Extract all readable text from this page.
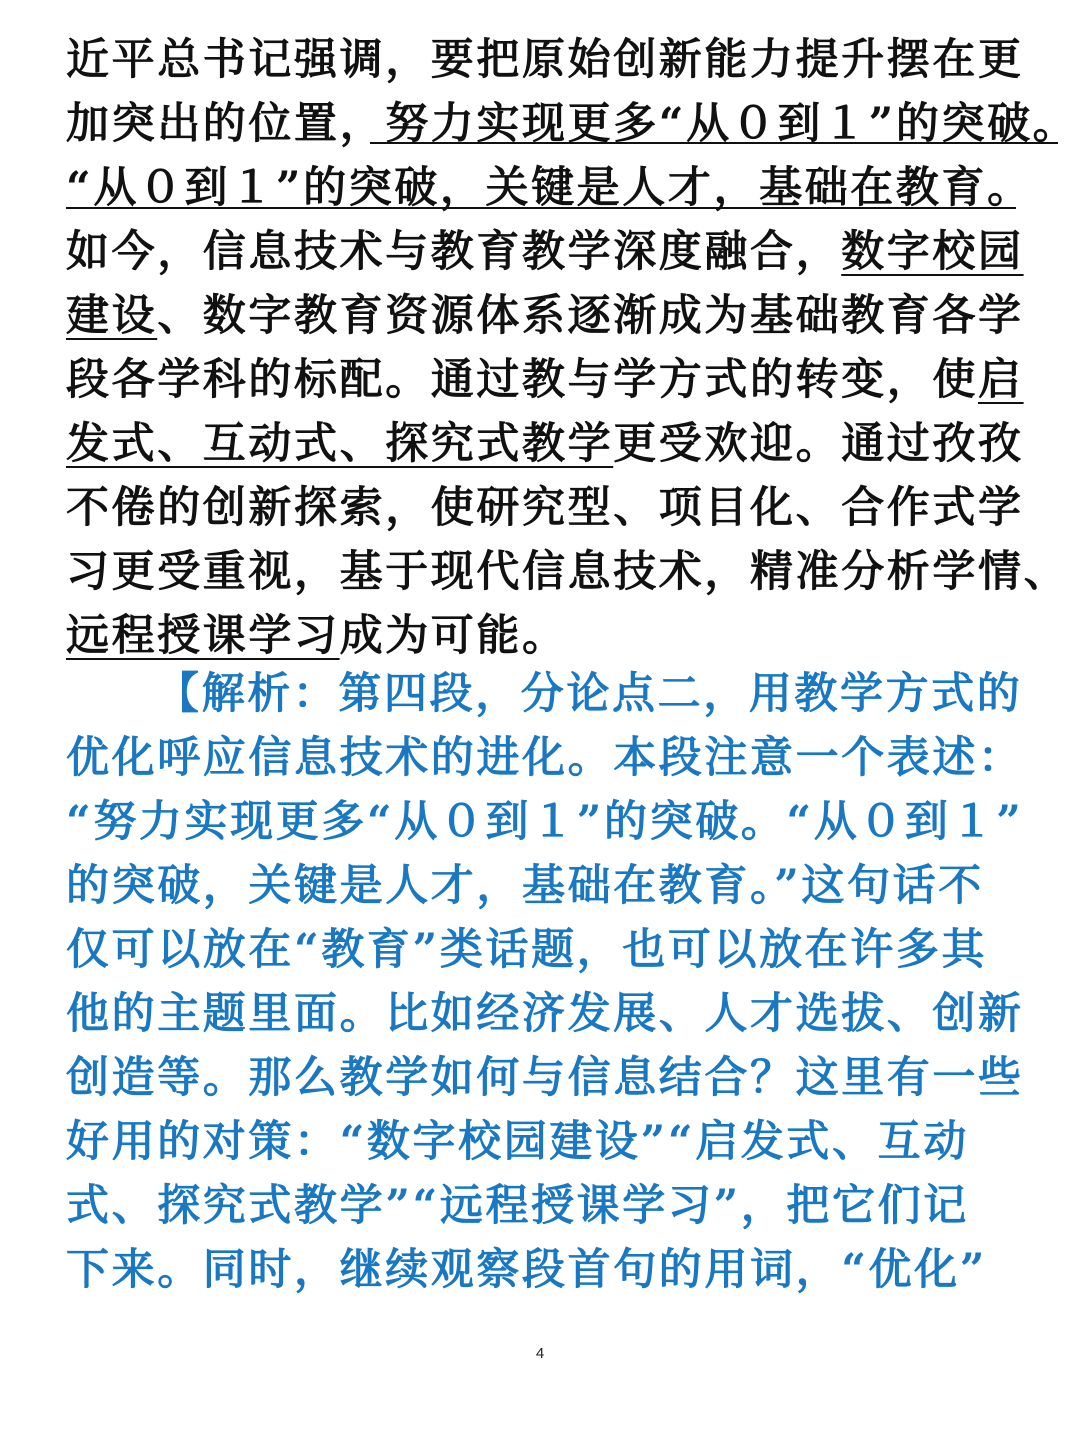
近平总书记强调，要把原始创新能力提升摆在更
加突出的位置，努力实现更多“从０到１”的突破。
“从０到１”的突破，关键是人才，基础在教育。
如今，信息技术与教育教学深度融合，数字校园
建设、数字教育资源体系逐渐成为基础教育各学
段各学科的标配。通过教与学方式的转变，使启
发式、互动式、探究式教学更受欢迎。通过孜孜
不倦的创新探索，使研究型、项目化、合作式学
习更受重视，基于现代信息技术，精准分析学情、
远程授课学习成为可能。
【解析：第四段，分论点二，用教学方式的
优化呼应信息技术的进化。本段注意一个表述：
“努力实现更多“从０到１”的突破。“从０到１”
的突破，关键是人才，基础在教育。”这句话不
仅可以放在“教育”类话题，也可以放在许多其
他的主题里面。比如经济发展、人才选拔、创新
创造等。那么教学如何与信息结合？这里有一些
好用的对策：“数字校园建设”“启发式、互动
式、探究式教学”“远程授课学习”，把它们记
下来。同时，继续观察段首句的用词，“优化”
4
